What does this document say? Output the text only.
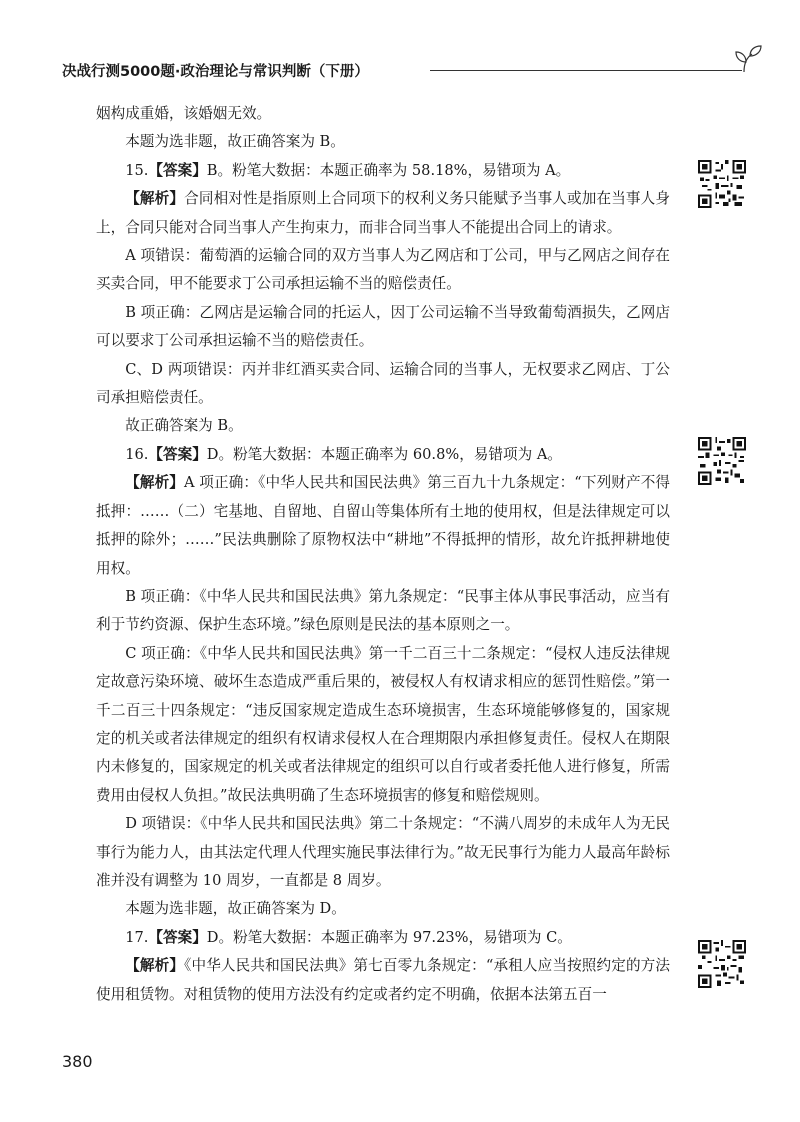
决战行测5000题·政治理论与常识判断（下册）

姻构成重婚，该婚姻无效。

本题为选非题，故正确答案为 B。

15.【答案】B。粉笔大数据：本题正确率为 58.18%，易错项为 A。

【解析】合同相对性是指原则上合同项下的权利义务只能赋予当事人或加在当事人身上，合同只能对合同当事人产生拘束力，而非合同当事人不能提出合同上的请求。

A 项错误：葡萄酒的运输合同的双方当事人为乙网店和丁公司，甲与乙网店之间存在买卖合同，甲不能要求丁公司承担运输不当的赔偿责任。

B 项正确：乙网店是运输合同的托运人，因丁公司运输不当导致葡萄酒损失，乙网店可以要求丁公司承担运输不当的赔偿责任。

C、D 两项错误：丙并非红酒买卖合同、运输合同的当事人，无权要求乙网店、丁公司承担赔偿责任。

故正确答案为 B。

16.【答案】D。粉笔大数据：本题正确率为 60.8%，易错项为 A。

【解析】A 项正确：《中华人民共和国民法典》第三百九十九条规定：“下列财产不得抵押：……（二）宅基地、自留地、自留山等集体所有土地的使用权，但是法律规定可以抵押的除外；……”民法典删除了原物权法中“耕地”不得抵押的情形，故允许抵押耕地使用权。

B 项正确：《中华人民共和国民法典》第九条规定：“民事主体从事民事活动，应当有利于节约资源、保护生态环境。”绿色原则是民法的基本原则之一。

C 项正确：《中华人民共和国民法典》第一千二百三十二条规定：“侵权人违反法律规定故意污染环境、破坏生态造成严重后果的，被侵权人有权请求相应的惩罚性赔偿。”第一千二百三十四条规定：“违反国家规定造成生态环境损害，生态环境能够修复的，国家规定的机关或者法律规定的组织有权请求侵权人在合理期限内承担修复责任。侵权人在期限内未修复的，国家规定的机关或者法律规定的组织可以自行或者委托他人进行修复，所需费用由侵权人负担。”故民法典明确了生态环境损害的修复和赔偿规则。

D 项错误：《中华人民共和国民法典》第二十条规定：“不满八周岁的未成年人为无民事行为能力人，由其法定代理人代理实施民事法律行为。”故无民事行为能力人最高年龄标准并没有调整为 10 周岁，一直都是 8 周岁。

本题为选非题，故正确答案为 D。

17.【答案】D。粉笔大数据：本题正确率为 97.23%，易错项为 C。

【解析】《中华人民共和国民法典》第七百零九条规定：“承租人应当按照约定的方法使用租赁物。对租赁物的使用方法没有约定或者约定不明确，依据本法第五百一

380
